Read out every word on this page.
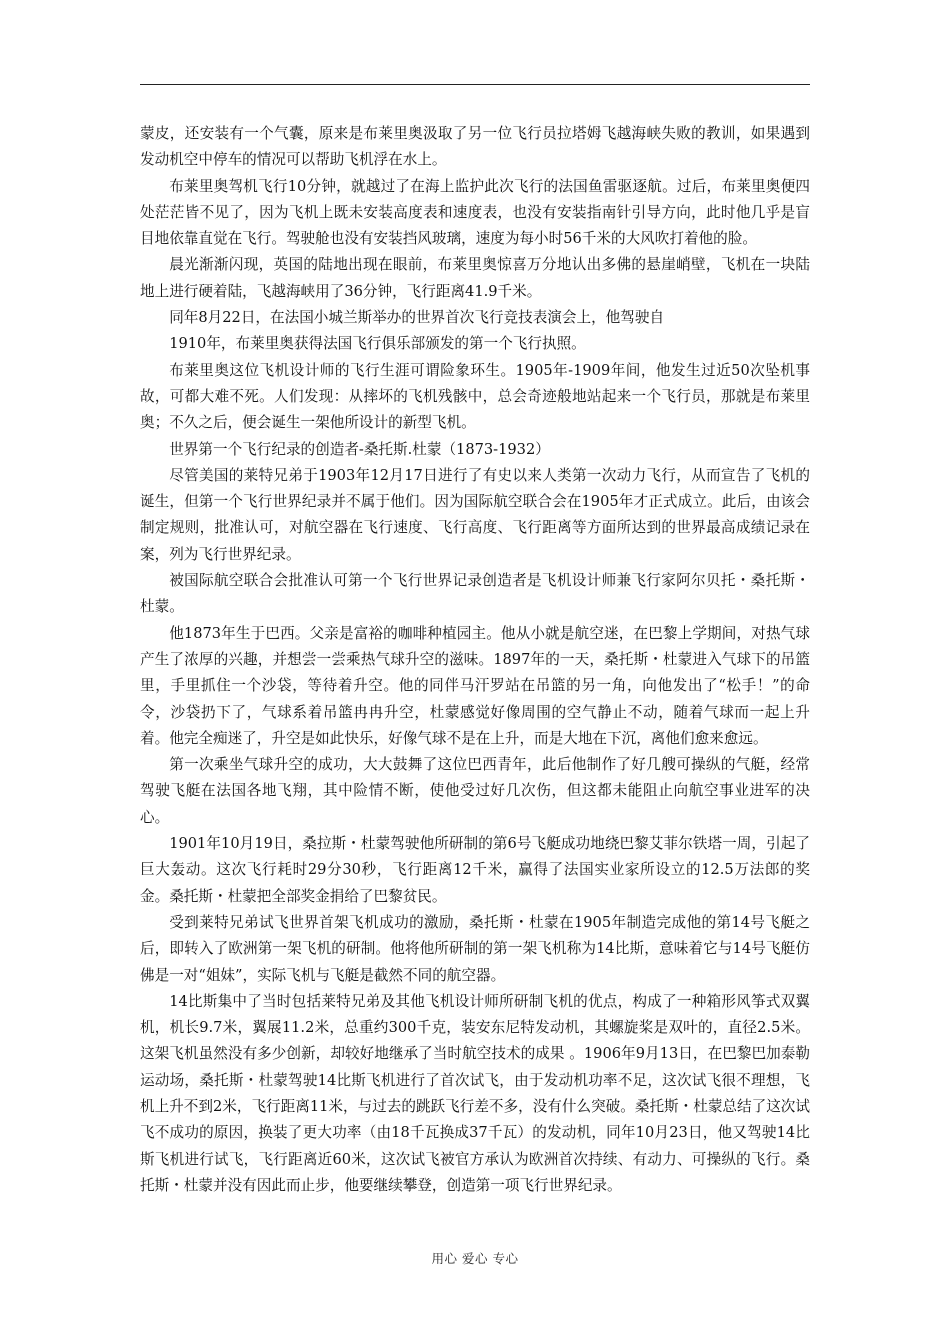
蒙皮，还安装有一个气囊，原来是布莱里奥汲取了另一位飞行员拉塔姆飞越海峡失败的教训，如果遇到发动机空中停车的情况可以帮助飞机浮在水上。

布莱里奥驾机飞行10分钟，就越过了在海上监护此次飞行的法国鱼雷驱逐航。过后，布莱里奥便四处茫茫皆不见了，因为飞机上既未安装高度表和速度表，也没有安装指南针引导方向，此时他几乎是盲目地依靠直觉在飞行。驾驶舱也没有安装挡风玻璃，速度为每小时56千米的大风吹打着他的脸。

晨光渐渐闪现，英国的陆地出现在眼前，布莱里奥惊喜万分地认出多佛的悬崖峭壁，飞机在一块陆地上进行硬着陆，飞越海峡用了36分钟，飞行距离41.9千米。

同年8月22日，在法国小城兰斯举办的世界首次飞行竞技表演会上，他驾驶自

1910年，布莱里奥获得法国飞行俱乐部颁发的第一个飞行执照。

布莱里奥这位飞机设计师的飞行生涯可谓险象环生。1905年-1909年间，他发生过近50次坠机事故，可都大难不死。人们发现：从摔坏的飞机残骸中，总会奇迹般地站起来一个飞行员，那就是布莱里奥；不久之后，便会诞生一架他所设计的新型飞机。

世界第一个飞行纪录的创造者-桑托斯.杜蒙（1873-1932）

尽管美国的莱特兄弟于1903年12月17日进行了有史以来人类第一次动力飞行，从而宣告了飞机的诞生，但第一个飞行世界纪录并不属于他们。因为国际航空联合会在1905年才正式成立。此后，由该会制定规则，批准认可，对航空器在飞行速度、飞行高度、飞行距离等方面所达到的世界最高成绩记录在案，列为飞行世界纪录。

被国际航空联合会批准认可第一个飞行世界记录创造者是飞机设计师兼飞行家阿尔贝托・桑托斯・杜蒙。

他1873年生于巴西。父亲是富裕的咖啡种植园主。他从小就是航空迷，在巴黎上学期间，对热气球产生了浓厚的兴趣，并想尝一尝乘热气球升空的滋味。1897年的一天，桑托斯・杜蒙进入气球下的吊篮里，手里抓住一个沙袋，等待着升空。他的同伴马汗罗站在吊篮的另一角，向他发出了“松手！”的命令，沙袋扔下了，气球系着吊篮冉冉升空，杜蒙感觉好像周围的空气静止不动，随着气球而一起上升着。他完全痴迷了，升空是如此快乐，好像气球不是在上升，而是大地在下沉，离他们愈来愈远。

第一次乘坐气球升空的成功，大大鼓舞了这位巴西青年，此后他制作了好几艘可操纵的气艇，经常驾驶飞艇在法国各地飞翔，其中险情不断，使他受过好几次伤，但这都未能阻止向航空事业进军的决心。

1901年10月19日，桑拉斯・杜蒙驾驶他所研制的第6号飞艇成功地绕巴黎艾菲尔铁塔一周，引起了巨大轰动。这次飞行耗时29分30秒，飞行距离12千米，赢得了法国实业家所设立的12.5万法郎的奖金。桑托斯・杜蒙把全部奖金捐给了巴黎贫民。

受到莱特兄弟试飞世界首架飞机成功的激励，桑托斯・杜蒙在1905年制造完成他的第14号飞艇之后，即转入了欧洲第一架飞机的研制。他将他所研制的第一架飞机称为14比斯，意味着它与14号飞艇仿佛是一对“姐妹”，实际飞机与飞艇是截然不同的航空器。

14比斯集中了当时包括莱特兄弟及其他飞机设计师所研制飞机的优点，构成了一种箱形风筝式双翼机，机长9.7米，翼展11.2米，总重约300千克，装安东尼特发动机，其螺旋桨是双叶的，直径2.5米。这架飞机虽然没有多少创新，却较好地继承了当时航空技术的成果 。1906年9月13日，在巴黎巴加泰勒运动场，桑托斯・杜蒙驾驶14比斯飞机进行了首次试飞，由于发动机功率不足，这次试飞很不理想，飞机上升不到2米，飞行距离11米，与过去的跳跃飞行差不多，没有什么突破。桑托斯・杜蒙总结了这次试飞不成功的原因，换装了更大功率（由18千瓦换成37千瓦）的发动机，同年10月23日，他又驾驶14比斯飞机进行试飞，飞行距离近60米，这次试飞被官方承认为欧洲首次持续、有动力、可操纵的飞行。桑托斯・杜蒙并没有因此而止步，他要继续攀登，创造第一项飞行世界纪录。

用心 爱心 专心
